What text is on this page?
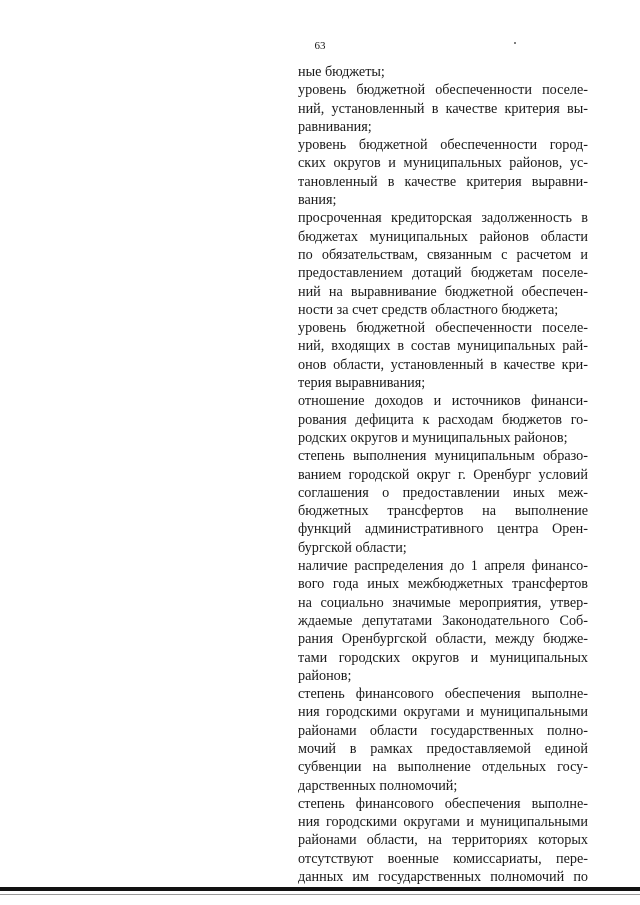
63
ные бюджеты;
уровень бюджетной обеспеченности поселе-
ний, установленный в качестве критерия вы-
равнивания;
уровень бюджетной обеспеченности город-
ских округов и муниципальных районов, ус-
тановленный в качестве критерия выравни-
вания;
просроченная кредиторская задолженность в
бюджетах муниципальных районов области
по обязательствам, связанным с расчетом и
предоставлением дотаций бюджетам поселе-
ний на выравнивание бюджетной обеспечен-
ности за счет средств областного бюджета;
уровень бюджетной обеспеченности поселе-
ний, входящих в состав муниципальных рай-
онов области, установленный в качестве кри-
терия выравнивания;
отношение доходов и источников финанси-
рования дефицита к расходам бюджетов го-
родских округов и муниципальных районов;
степень выполнения муниципальным образо-
ванием городской округ г. Оренбург условий
соглашения о предоставлении иных меж-
бюджетных трансфертов на выполнение
функций административного центра Орен-
бургской области;
наличие распределения до 1 апреля финансо-
вого года иных межбюджетных трансфертов
на социально значимые мероприятия, утвер-
ждаемые депутатами Законодательного Соб-
рания Оренбургской области, между бюдже-
тами городских округов и муниципальных
районов;
степень финансового обеспечения выполне-
ния городскими округами и муниципальными
районами области государственных полно-
мочий в рамках предоставляемой единой
субвенции на выполнение отдельных госу-
дарственных полномочий;
степень финансового обеспечения выполне-
ния городскими округами и муниципальными
районами области, на территориях которых
отсутствуют военные комиссариаты, пере-
данных им государственных полномочий по
